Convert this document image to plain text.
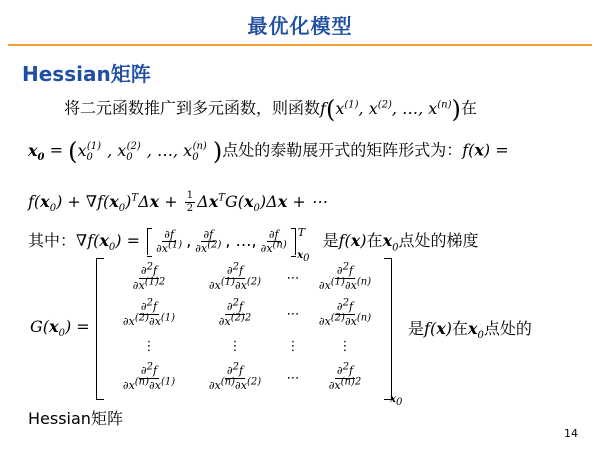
最优化模型
Hessian矩阵
将二元函数推广到多元函数，则函数$f(x^{(1)}$, $x^{(2)}$, …, $x^{(n)}$)在
$x_0 = (x_0^{(1)}$ , $x_0^{(2)}$ , …, $x_0^{(n)}$ )点处的泰勒展开式的矩阵形式为：f(x) =
$f(x_0) + \nabla f(x_0)^T\Delta x + \frac{1}{2} \Delta x^TG(x_0)\Delta x$ + ⋯
其中：$\nabla f(x_0) = \frac{\partial f}{\partial x^{(1)}}$ , $\frac{\partial f}{\partial x^{(2)}}$ , …, $\frac{\partial f}{\partial x^{(n)}} ^T_{x_0}$ 是f(x)在$x_0$点处的梯度
$G(x_0)$ =
$\frac{\partial^2f}{\partial x^{(1)2}}$	$\frac{\partial^2f}{\partial x^{(1)}\partial x^{(2)}}$ ⋯ $\frac{\partial^2f}{\partial x^{(1)}\partial x^{(n)}}$
$\frac{\partial^2f}{\partial x^{(2)}\partial x^{(1)}}$	$\frac{\partial^2f}{\partial x^{(2)2}}$	⋯ $\frac{\partial^2f}{\partial x^{(2)}\partial x^{(n)}}$
⋮	⋮	⋮	⋮
$\frac{\partial^2f}{\partial x^{(n)}\partial x^{(1)}}$	$\frac{\partial^2f}{\partial x^{(n)}\partial x^{(2)}}$ ⋯ $\frac{\partial^2f}{\partial x^{(n)2}}$
$x_0$
是f(x)在$x_0$点处的
Hessian矩阵
14
